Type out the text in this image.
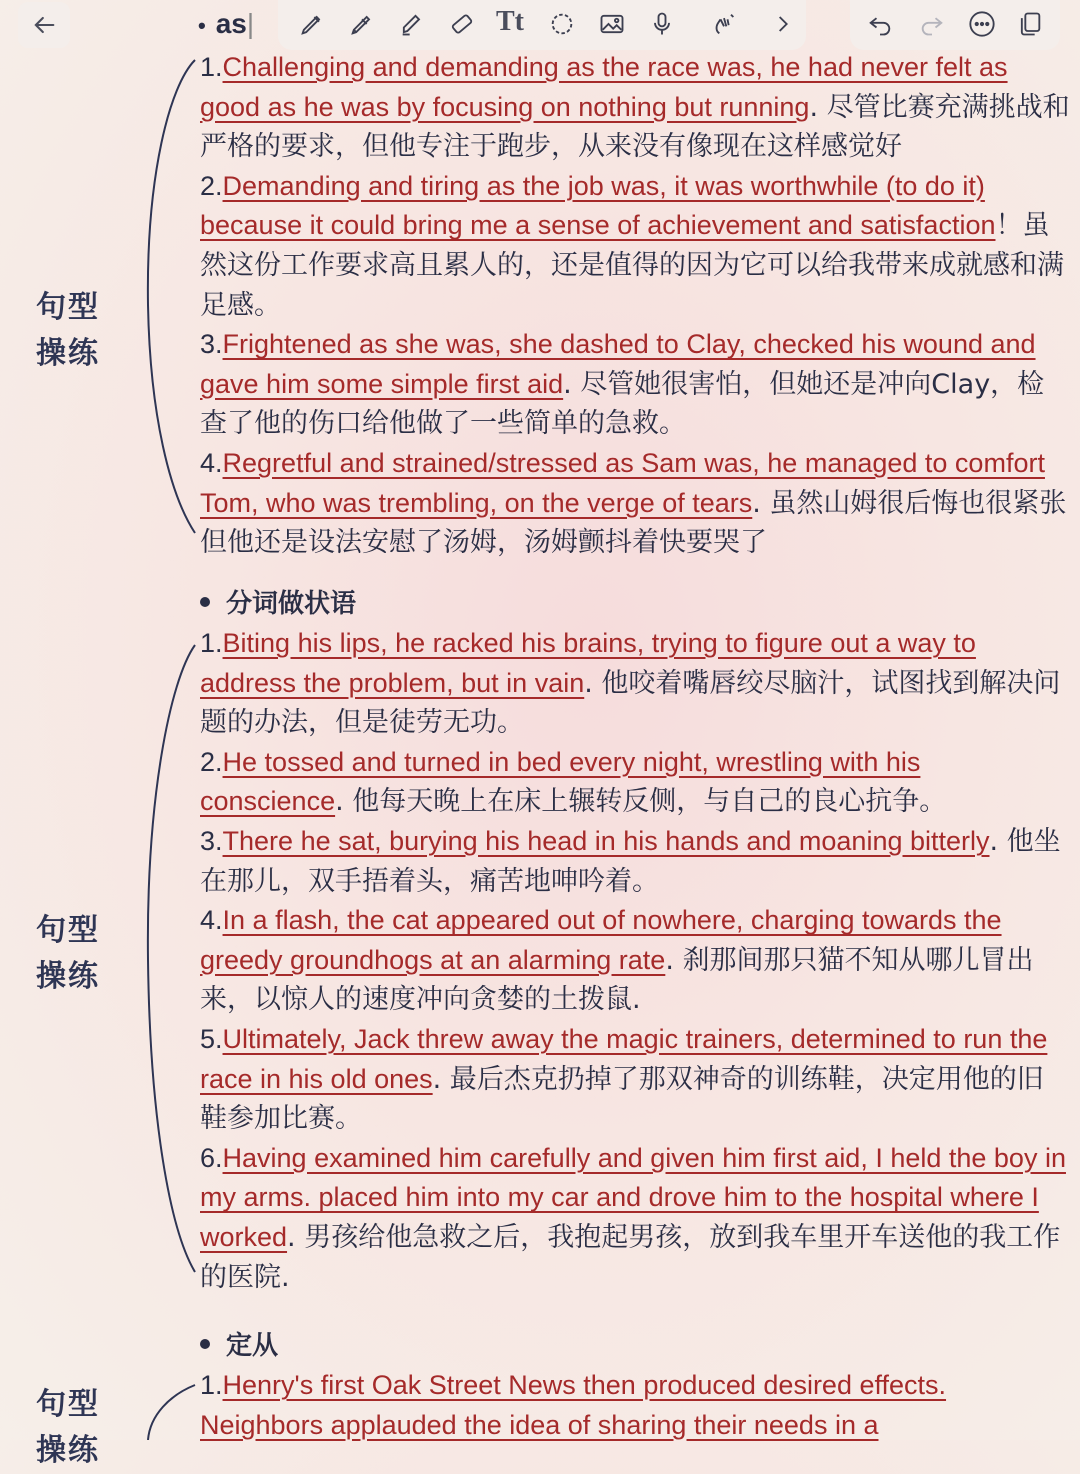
• as|	Tt
句型
操练

1.Challenging and demanding as the race was, he had never felt as good as he was by focusing on nothing but running. 尽管比赛充满挑战和严格的要求，但他专注于跑步，从来没有像现在这样感觉好

2.Demanding and tiring as the job was, it was worthwhile (to do it) because it could bring me a sense of achievement and satisfaction！虽然这份工作要求高且累人的，还是值得的因为它可以给我带来成就感和满足感。

3.Frightened as she was, she dashed to Clay, checked his wound and gave him some simple first aid. 尽管她很害怕，但她还是冲向Clay，检查了他的伤口给他做了一些简单的急救。

4.Regretful and strained/stressed as Sam was, he managed to comfort Tom, who was trembling, on the verge of tears. 虽然山姆很后悔也很紧张但他还是设法安慰了汤姆，汤姆颤抖着快要哭了

句型
操练
分词做状语

1.Biting his lips, he racked his brains, trying to figure out a way to address the problem, but in vain. 他咬着嘴唇绞尽脑汁，试图找到解决问题的办法，但是徒劳无功。

2.He tossed and turned in bed every night, wrestling with his conscience. 他每天晚上在床上辗转反侧，与自己的良心抗争。

3.There he sat, burying his head in his hands and moaning bitterly. 他坐在那儿，双手捂着头，痛苦地呻吟着。

4.In a flash, the cat appeared out of nowhere, charging towards the greedy groundhogs at an alarming rate. 刹那间那只猫不知从哪儿冒出来，以惊人的速度冲向贪婪的土拨鼠.

5.Ultimately, Jack threw away the magic trainers, determined to run the race in his old ones. 最后杰克扔掉了那双神奇的训练鞋，决定用他的旧鞋参加比赛。

6.Having examined him carefully and given him first aid, I held the boy in my arms. placed him into my car and drove him to the hospital where I worked. 男孩给他急救之后，我抱起男孩，放到我车里开车送他的我工作的医院.

句型
操练
定从

1.Henry's first Oak Street News then produced desired effects. Neighbors applauded the idea of sharing their needs in a
